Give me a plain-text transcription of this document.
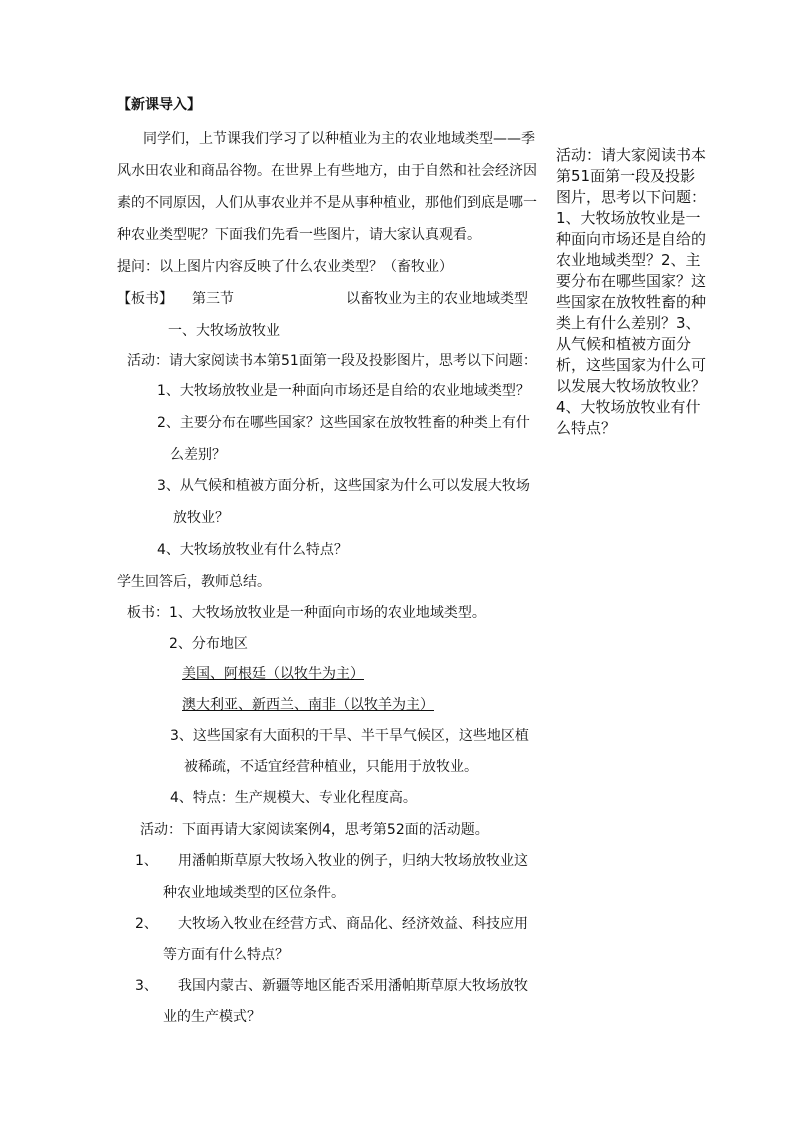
【新课导入】
同学们，上节课我们学习了以种植业为主的农业地域类型——季
风水田农业和商品谷物。在世界上有些地方，由于自然和社会经济因
素的不同原因，人们从事农业并不是从事种植业，那他们到底是哪一
种农业类型呢？下面我们先看一些图片，请大家认真观看。
提问：以上图片内容反映了什么农业类型？（畜牧业）
【板书】 第三节	以畜牧业为主的农业地域类型
一、大牧场放牧业
活动：请大家阅读书本第51面第一段及投影图片，思考以下问题：
1、大牧场放牧业是一种面向市场还是自给的农业地域类型？
2、主要分布在哪些国家？这些国家在放牧牲畜的种类上有什
么差别？
3、从气候和植被方面分析，这些国家为什么可以发展大牧场
放牧业？
4、大牧场放牧业有什么特点？
学生回答后，教师总结。
板书：1、大牧场放牧业是一种面向市场的农业地域类型。
2、分布地区
美国、阿根廷（以牧牛为主）
澳大利亚、新西兰、南非（以牧羊为主）
3、这些国家有大面积的干旱、半干旱气候区，这些地区植
被稀疏，不适宜经营种植业，只能用于放牧业。
4、特点：生产规模大、专业化程度高。
活动：下面再请大家阅读案例4，思考第52面的活动题。
1、 用潘帕斯草原大牧场入牧业的例子，归纳大牧场放牧业这
种农业地域类型的区位条件。
2、 大牧场入牧业在经营方式、商品化、经济效益、科技应用
等方面有什么特点？
3、 我国内蒙古、新疆等地区能否采用潘帕斯草原大牧场放牧
业的生产模式？
活动：请大家阅读书本第51面第一段及投影图片，思考以下问题：1、大牧场放牧业是一种面向市场还是自给的农业地域类型？2、主要分布在哪些国家？这些国家在放牧牲畜的种类上有什么差别？3、从气候和植被方面分析，这些国家为什么可以发展大牧场放牧业？4、大牧场放牧业有什么特点？
